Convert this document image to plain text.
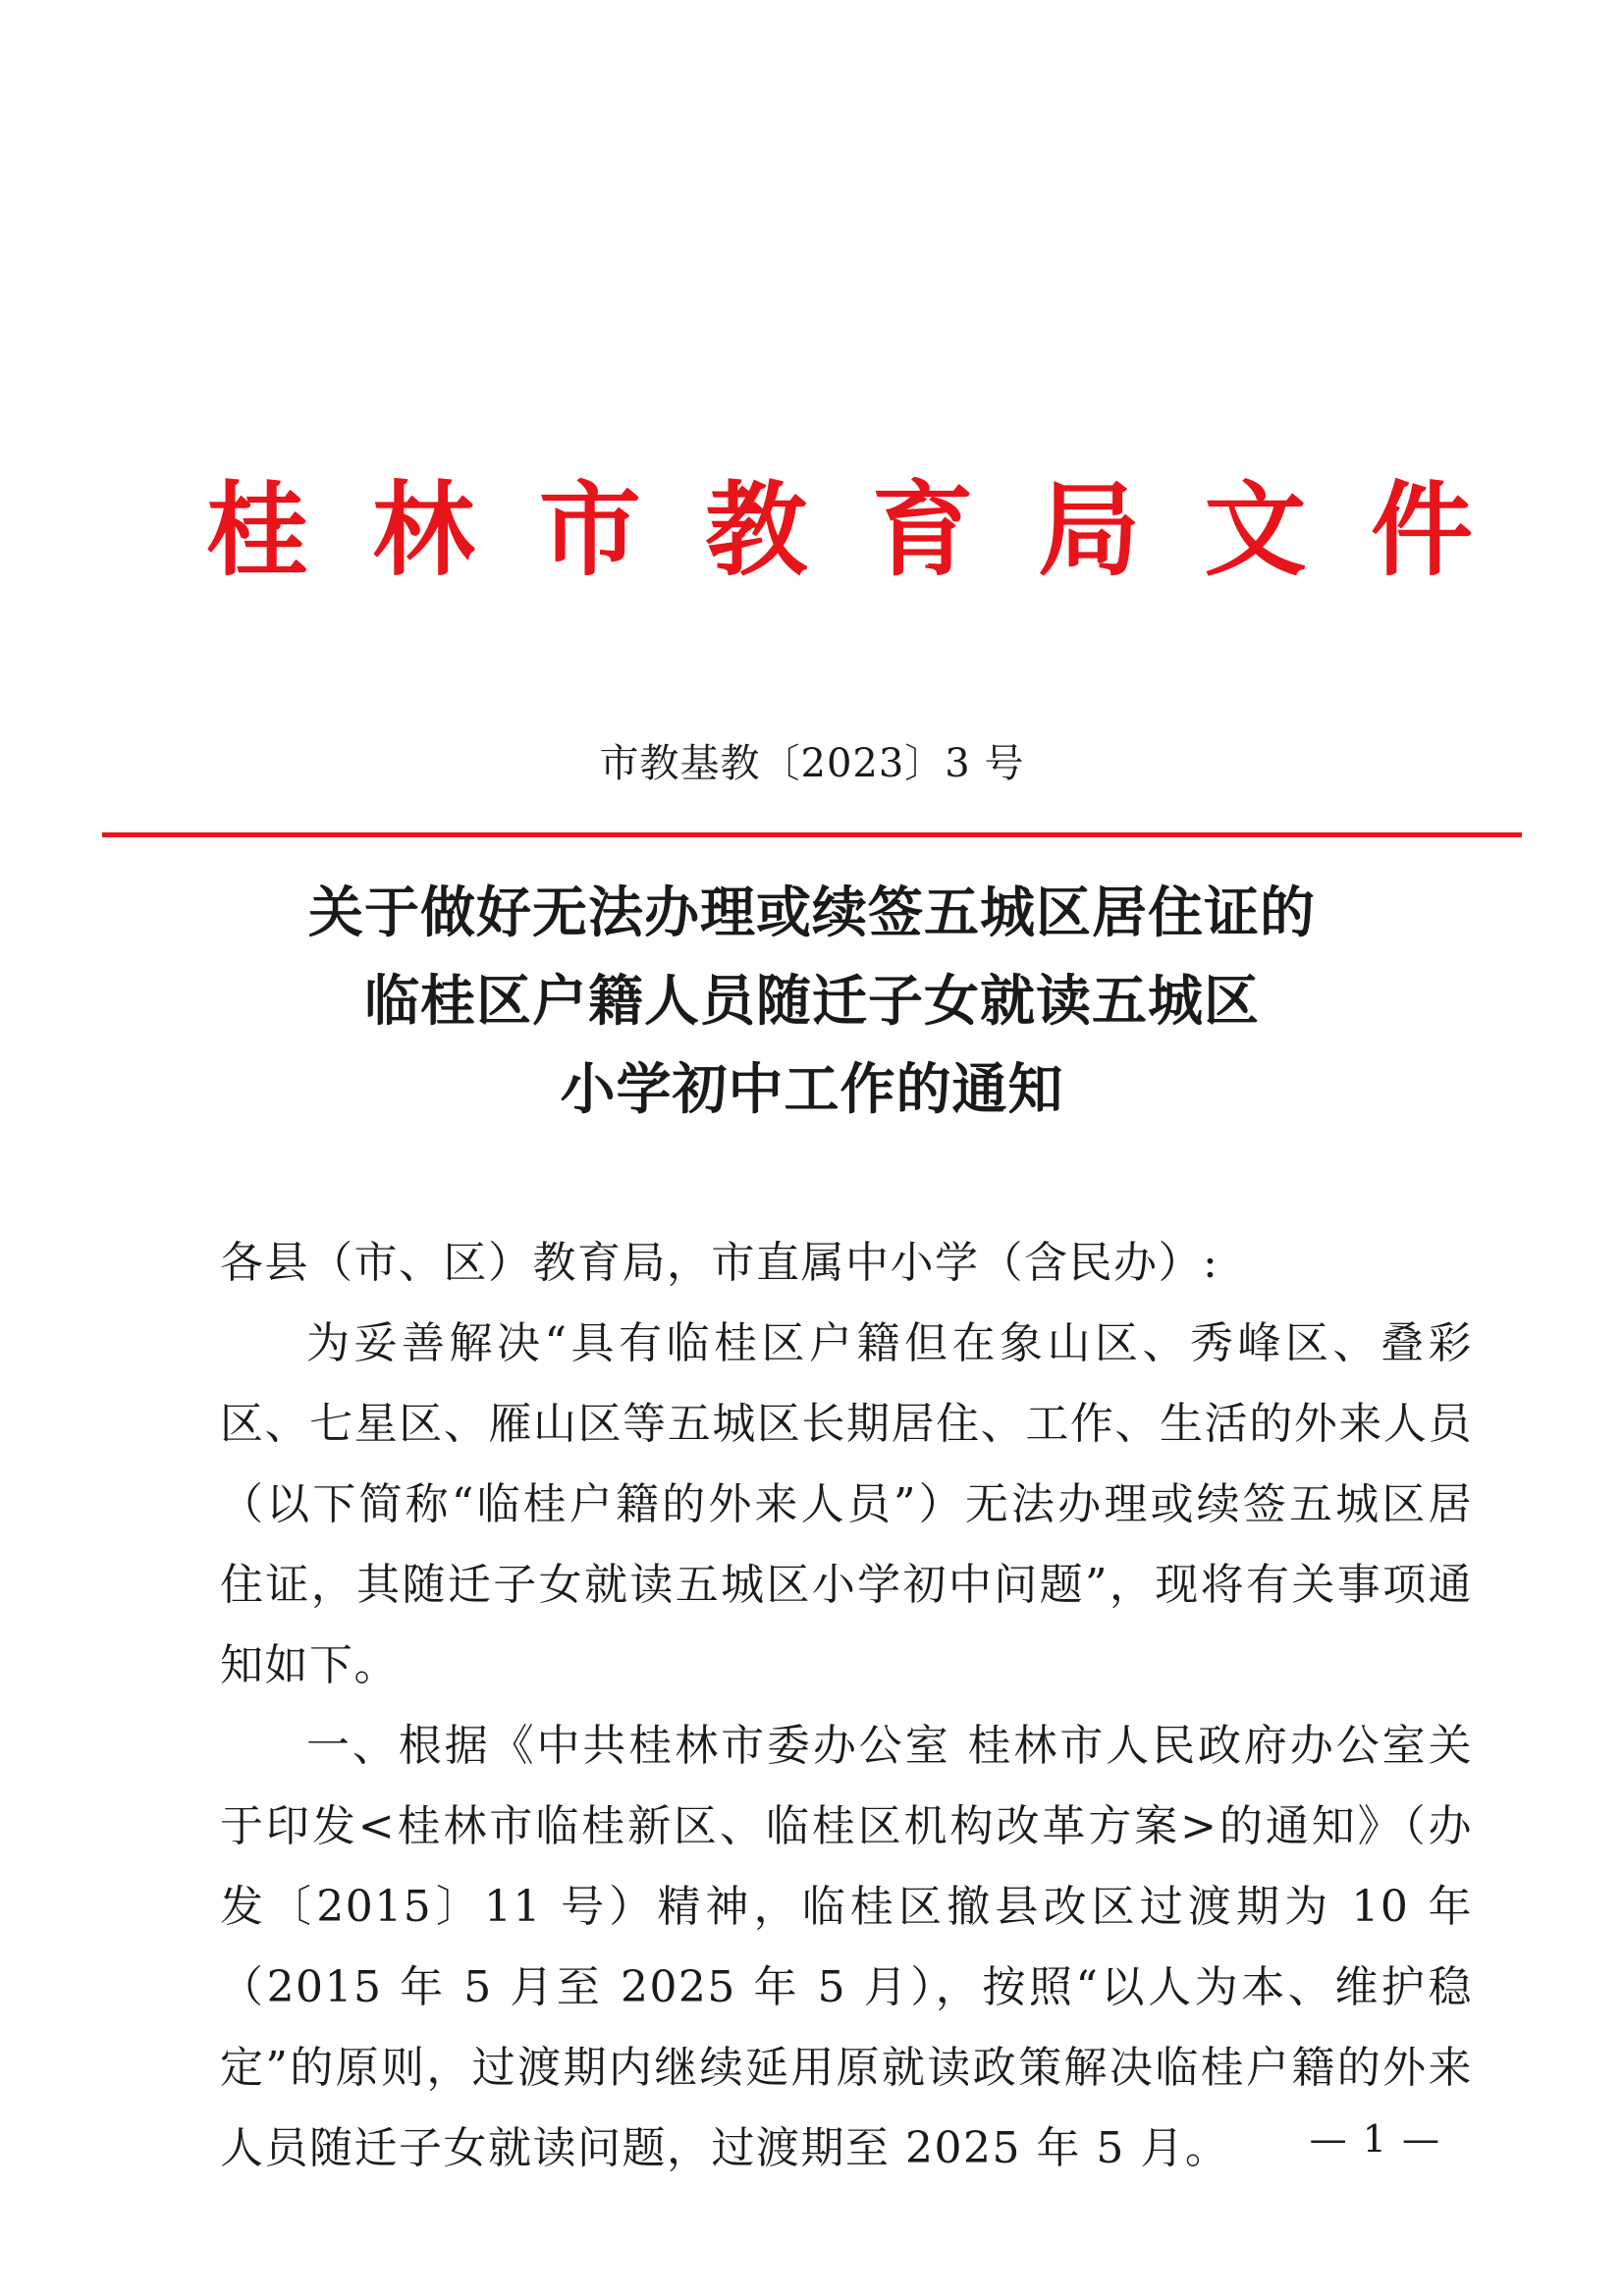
桂 林 市 教 育 局 文 件
市教基教〔2023〕3 号
关于做好无法办理或续签五城区居住证的
临桂区户籍人员随迁子女就读五城区
小学初中工作的通知

各县（市、区）教育局，市直属中小学（含民办）:

为妥善解决“具有临桂区户籍但在象山区、秀峰区、叠彩区、七星区、雁山区等五城区长期居住、工作、生活的外来人员（以下简称“临桂户籍的外来人员”）无法办理或续签五城区居住证，其随迁子女就读五城区小学初中问题”，现将有关事项通知如下。

一、根据《中共桂林市委办公室 桂林市人民政府办公室关于印发<桂林市临桂新区、临桂区机构改革方案>的通知》（办发〔2015〕11 号）精神，临桂区撤县改区过渡期为 10 年（2015 年 5 月至 2025 年 5 月），按照“以人为本、维护稳定”的原则，过渡期内继续延用原就读政策解决临桂户籍的外来人员随迁子女就读问题，过渡期至 2025 年 5 月。	— 1 —
